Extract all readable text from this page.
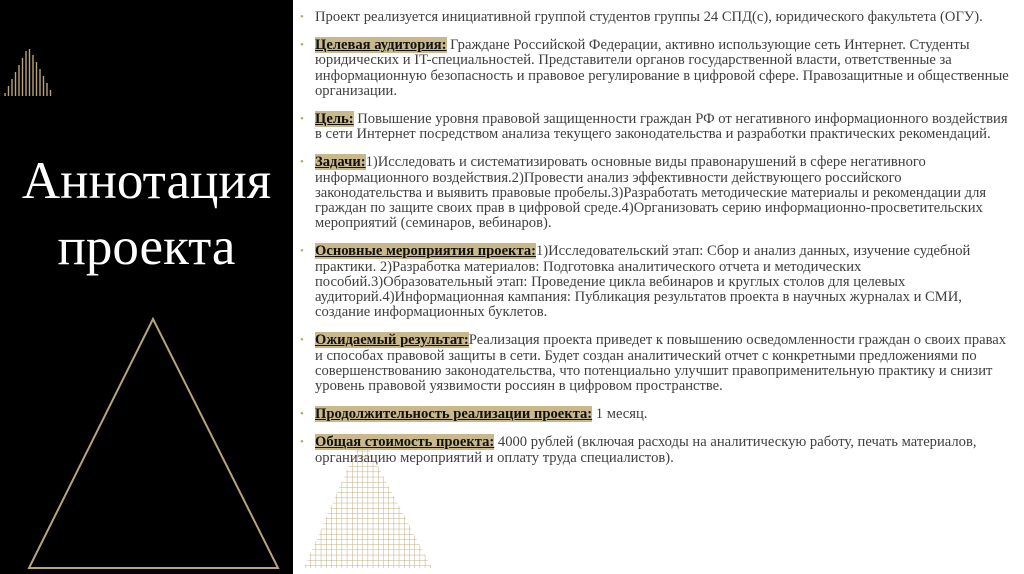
Аннотация
проекта
• Проект реализуется инициативной группой студентов группы 24 СПД(с), юридического факультета (ОГУ).
• Целевая аудитория: Граждане Российской Федерации, активно использующие сеть Интернет. Студенты юридических и IT-специальностей. Представители органов государственной власти, ответственные за информационную безопасность и правовое регулирование в цифровой сфере. Правозащитные и общественные организации.
• Цель: Повышение уровня правовой защищенности граждан РФ от негативного информационного воздействия в сети Интернет посредством анализа текущего законодательства и разработки практических рекомендаций.
• Задачи:1)Исследовать и систематизировать основные виды правонарушений в сфере негативного информационного воздействия.2)Провести анализ эффективности действующего российского законодательства и выявить правовые пробелы.3)Разработать методические материалы и рекомендации для граждан по защите своих прав в цифровой среде.4)Организовать серию информационно-просветительских мероприятий (семинаров, вебинаров).
• Основные мероприятия проекта:1)Исследовательский этап: Сбор и анализ данных, изучение судебной практики. 2)Разработка материалов: Подготовка аналитического отчета и методических пособий.3)Образовательный этап: Проведение цикла вебинаров и круглых столов для целевых аудиторий.4)Информационная кампания: Публикация результатов проекта в научных журналах и СМИ, создание информационных буклетов.
• Ожидаемый результат:Реализация проекта приведет к повышению осведомленности граждан о своих правах и способах правовой защиты в сети. Будет создан аналитический отчет с конкретными предложениями по совершенствованию законодательства, что потенциально улучшит правоприменительную практику и снизит уровень правовой уязвимости россиян в цифровом пространстве.
• Продолжительность реализации проекта: 1 месяц.
• Общая стоимость проекта: 4000 рублей (включая расходы на аналитическую работу, печать материалов, организацию мероприятий и оплату труда специалистов).
